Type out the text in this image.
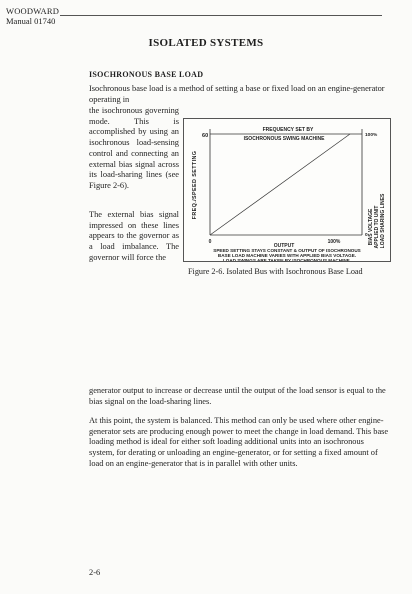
WOODWARD
Manual 01740
ISOLATED SYSTEMS
ISOCHRONOUS BASE LOAD

Isochronous base load is a method of setting a base or fixed load on an engine-generator operating in

the isochronous governing mode. This is accomplished by using an isochronous load-sensing control and connecting an external bias signal across its load-sharing lines (see Figure 2-6).

The external bias signal impressed on these lines appears to the governor as a load imbalance. The governor will force the

FREQ./SPEED SETTING
60
FREQUENCY SET BY
ISOCHRONOUS SWING MACHINE
0	100%
OUTPUT
100%
0 BIAS VOLTAGE APPLIED TO UNIT LOAD SHARING LINES
SPEED SETTING STAYS CONSTANT & OUTPUT OF ISOCHRONOUS
BASE LOAD MACHINE VARIES WITH APPLIED BIAS VOLTAGE.
LOAD SWINGS ARE TAKEN BY ISOCHRONOUS MACHINE.

Figure 2-6. Isolated Bus with Isochronous Base Load

generator output to increase or decrease until the output of the load sensor is equal to the bias signal on the load-sharing lines.

At this point, the system is balanced. This method can only be used where other engine-generator sets are producing enough power to meet the change in load demand. This base loading method is ideal for either soft loading additional units into an isochronous system, for derating or unloading an engine-generator, or for setting a fixed amount of load on an engine-generator that is in parallel with other units.

2-6
